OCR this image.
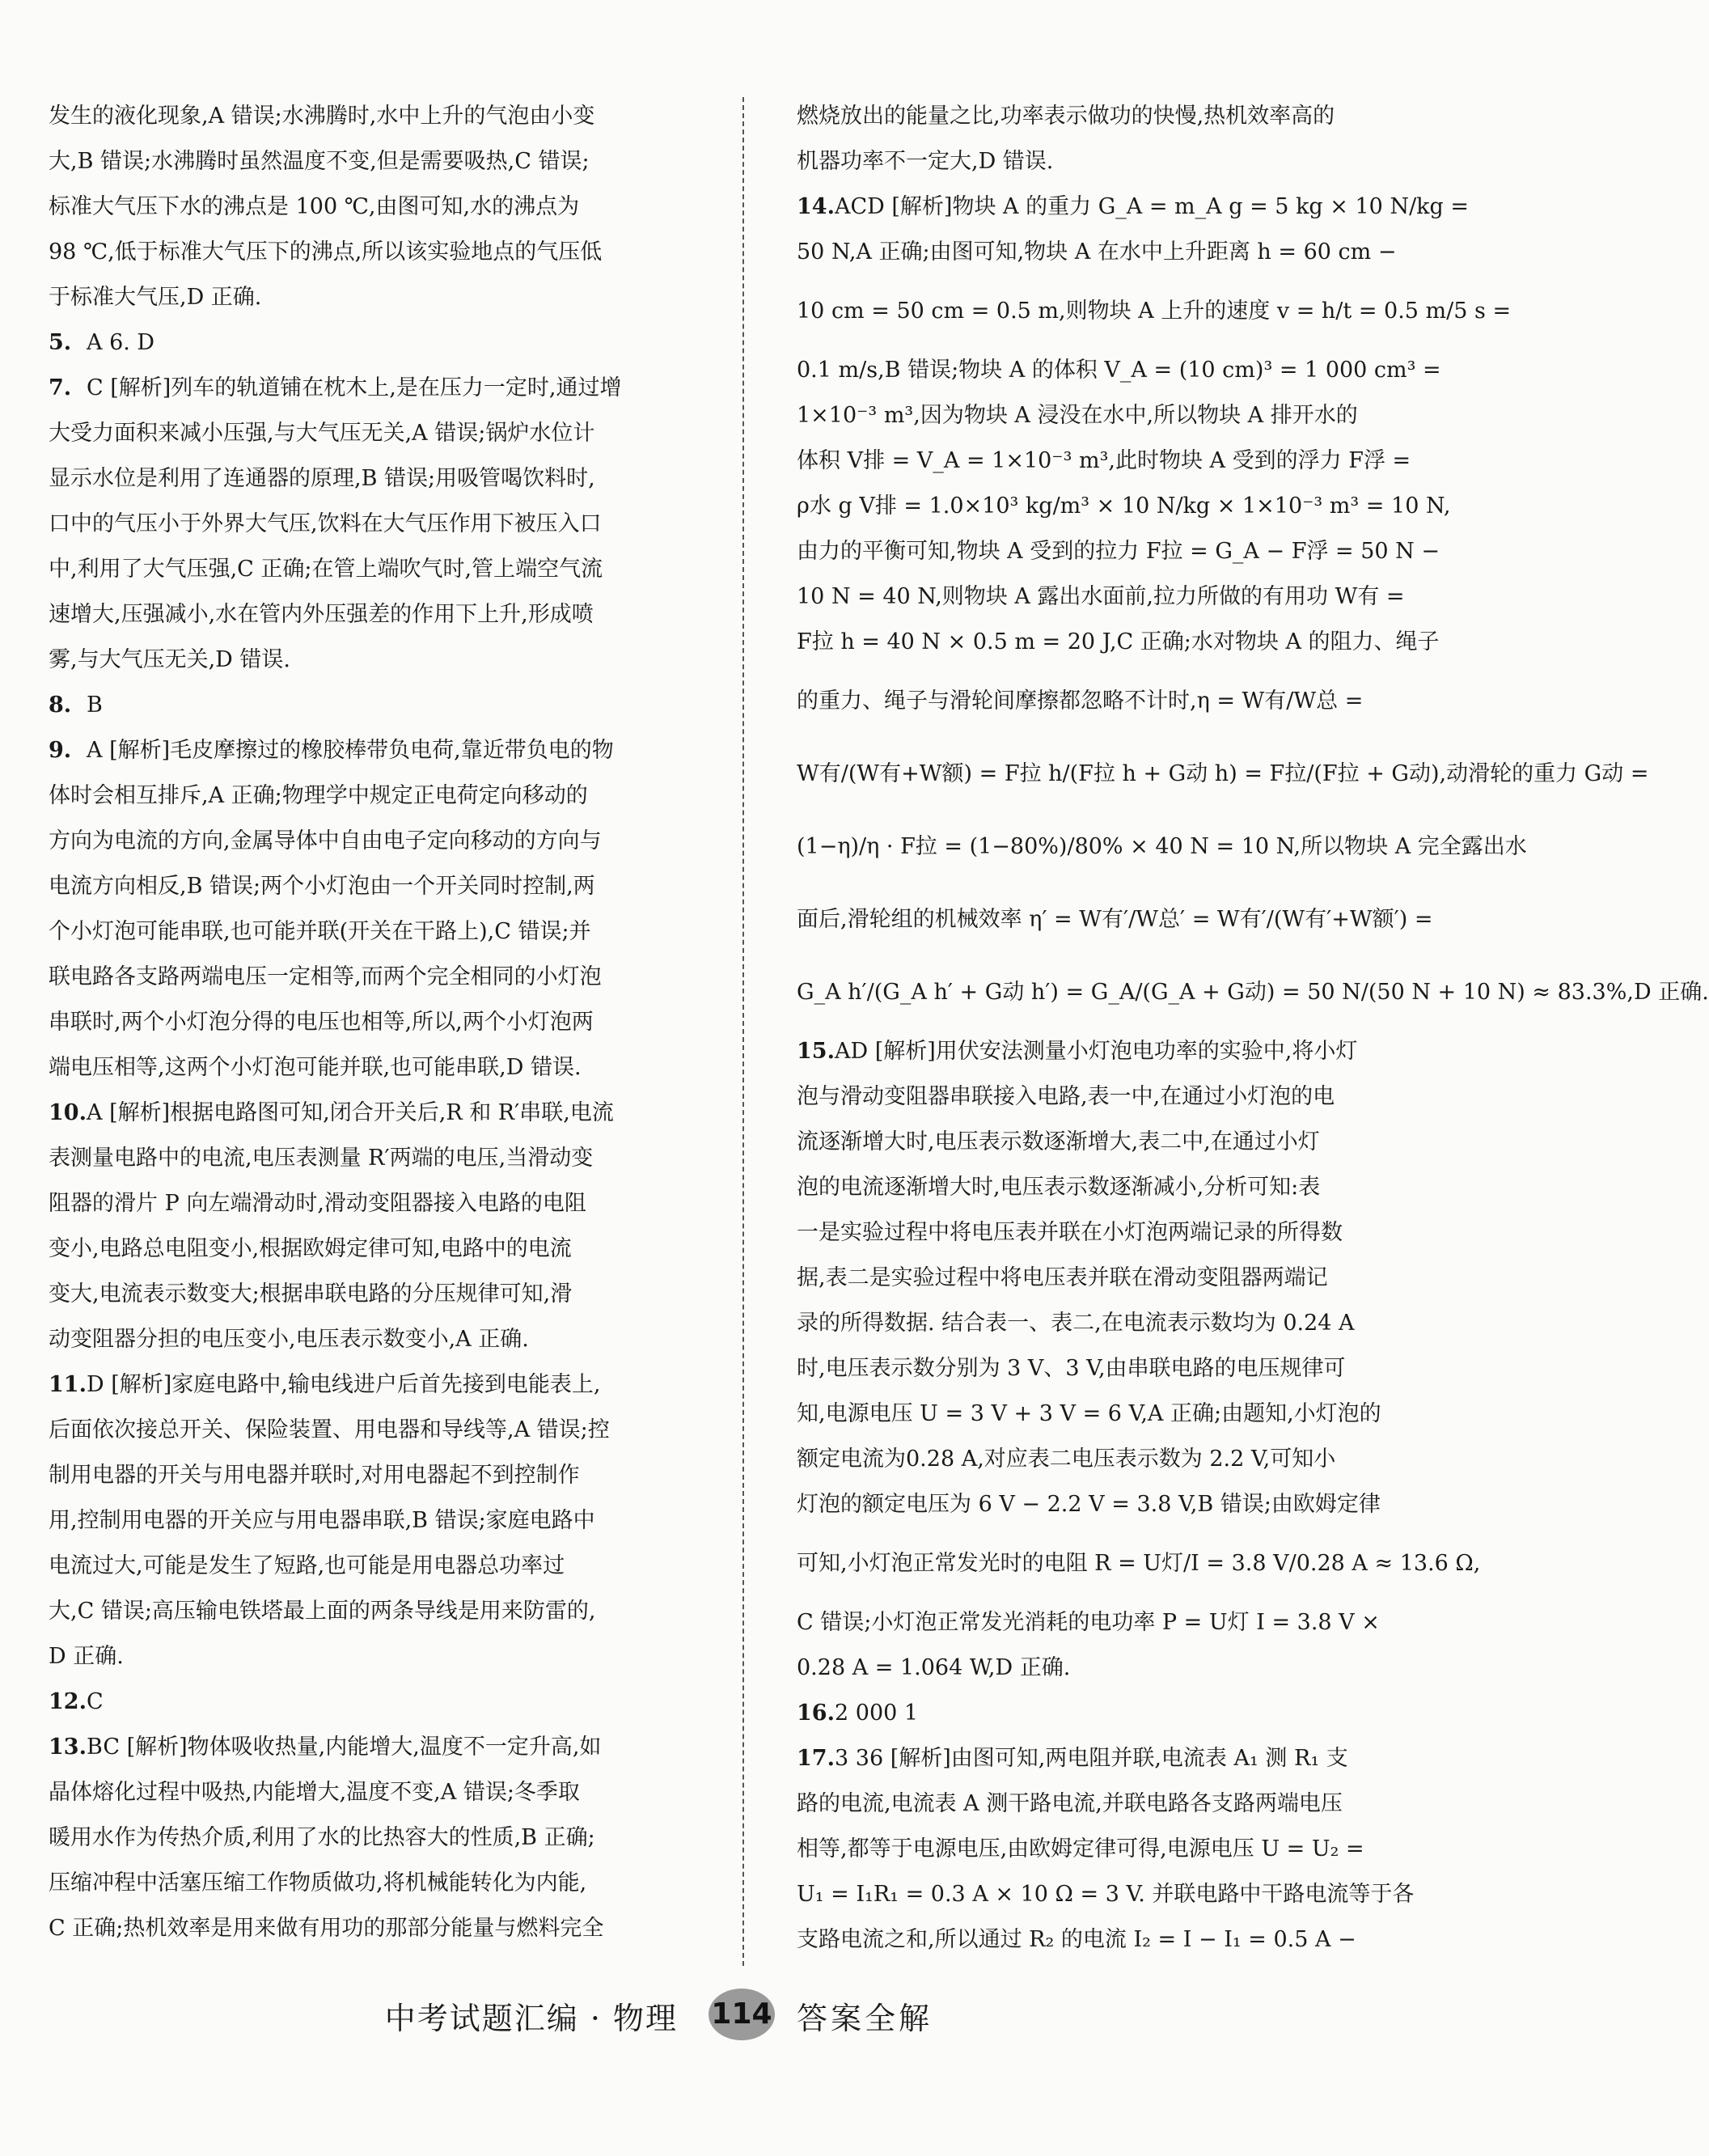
发生的液化现象,A 错误;水沸腾时,水中上升的气泡由小变
大,B 错误;水沸腾时虽然温度不变,但是需要吸热,C 错误;
标准大气压下水的沸点是 100 ℃,由图可知,水的沸点为
98 ℃,低于标准大气压下的沸点,所以该实验地点的气压低
于标准大气压,D 正确.
5. A 6. D
7. C [解析]列车的轨道铺在枕木上,是在压力一定时,通过增
大受力面积来减小压强,与大气压无关,A 错误;锅炉水位计
显示水位是利用了连通器的原理,B 错误;用吸管喝饮料时,
口中的气压小于外界大气压,饮料在大气压作用下被压入口
中,利用了大气压强,C 正确;在管上端吹气时,管上端空气流
速增大,压强减小,水在管内外压强差的作用下上升,形成喷
雾,与大气压无关,D 错误.
8. B
9. A [解析]毛皮摩擦过的橡胶棒带负电荷,靠近带负电的物
体时会相互排斥,A 正确;物理学中规定正电荷定向移动的
方向为电流的方向,金属导体中自由电子定向移动的方向与
电流方向相反,B 错误;两个小灯泡由一个开关同时控制,两
个小灯泡可能串联,也可能并联(开关在干路上),C 错误;并
联电路各支路两端电压一定相等,而两个完全相同的小灯泡
串联时,两个小灯泡分得的电压也相等,所以,两个小灯泡两
端电压相等,这两个小灯泡可能并联,也可能串联,D 错误.
10. A [解析]根据电路图可知,闭合开关后,R 和 R′串联,电流
表测量电路中的电流,电压表测量 R′两端的电压,当滑动变
阻器的滑片 P 向左端滑动时,滑动变阻器接入电路的电阻
变小,电路总电阻变小,根据欧姆定律可知,电路中的电流
变大,电流表示数变大;根据串联电路的分压规律可知,滑
动变阻器分担的电压变小,电压表示数变小,A 正确.
11. D [解析]家庭电路中,输电线进户后首先接到电能表上,
后面依次接总开关、保险装置、用电器和导线等,A 错误;控
制用电器的开关与用电器并联时,对用电器起不到控制作
用,控制用电器的开关应与用电器串联,B 错误;家庭电路中
电流过大,可能是发生了短路,也可能是用电器总功率过
大,C 错误;高压输电铁塔最上面的两条导线是用来防雷的,
D 正确.
12. C
13. BC [解析]物体吸收热量,内能增大,温度不一定升高,如
晶体熔化过程中吸热,内能增大,温度不变,A 错误;冬季取
暖用水作为传热介质,利用了水的比热容大的性质,B 正确;
压缩冲程中活塞压缩工作物质做功,将机械能转化为内能,
C 正确;热机效率是用来做有用功的那部分能量与燃料完全
燃烧放出的能量之比,功率表示做功的快慢,热机效率高的
机器功率不一定大,D 错误.
14. ACD [解析]物块 A 的重力 G_A = m_A g = 5 kg × 10 N/kg =
50 N,A 正确;由图可知,物块 A 在水中上升距离 h = 60 cm −
10 cm = 50 cm = 0.5 m,则物块 A 上升的速度 v = h/t = 0.5 m/5 s =
0.1 m/s,B 错误;物块 A 的体积 V_A = (10 cm)³ = 1 000 cm³ =
1×10⁻³ m³,因为物块 A 浸没在水中,所以物块 A 排开水的
体积 V排 = V_A = 1×10⁻³ m³,此时物块 A 受到的浮力 F浮 =
ρ水 g V排 = 1.0×10³ kg/m³ × 10 N/kg × 1×10⁻³ m³ = 10 N,
由力的平衡可知,物块 A 受到的拉力 F拉 = G_A − F浮 = 50 N −
10 N = 40 N,则物块 A 露出水面前,拉力所做的有用功 W有 =
F拉 h = 40 N × 0.5 m = 20 J,C 正确;水对物块 A 的阻力、绳子
的重力、绳子与滑轮间摩擦都忽略不计时,η = W有/W总 =
W有/(W有+W额) = F拉 h/(F拉 h + G动 h) = F拉/(F拉 + G动),动滑轮的重力 G动 =
(1−η)/η · F拉 = (1−80%)/80% × 40 N = 10 N,所以物块 A 完全露出水
面后,滑轮组的机械效率 η′ = W有′/W总′ = W有′/(W有′+W额′) =
G_A h′/(G_A h′ + G动 h′) = G_A/(G_A + G动) = 50 N/(50 N + 10 N) ≈ 83.3%,D 正确.
15. AD [解析]用伏安法测量小灯泡电功率的实验中,将小灯
泡与滑动变阻器串联接入电路,表一中,在通过小灯泡的电
流逐渐增大时,电压表示数逐渐增大,表二中,在通过小灯
泡的电流逐渐增大时,电压表示数逐渐减小,分析可知:表
一是实验过程中将电压表并联在小灯泡两端记录的所得数
据,表二是实验过程中将电压表并联在滑动变阻器两端记
录的所得数据. 结合表一、表二,在电流表示数均为 0.24 A
时,电压表示数分别为 3 V、3 V,由串联电路的电压规律可
知,电源电压 U = 3 V + 3 V = 6 V,A 正确;由题知,小灯泡的
额定电流为0.28 A,对应表二电压表示数为 2.2 V,可知小
灯泡的额定电压为 6 V − 2.2 V = 3.8 V,B 错误;由欧姆定律
可知,小灯泡正常发光时的电阻 R = U灯/I = 3.8 V/0.28 A ≈ 13.6 Ω,
C 错误;小灯泡正常发光消耗的电功率 P = U灯 I = 3.8 V ×
0.28 A = 1.064 W,D 正确.
16. 2 000 1
17. 3 36 [解析]由图可知,两电阻并联,电流表 A₁ 测 R₁ 支
路的电流,电流表 A 测干路电流,并联电路各支路两端电压
相等,都等于电源电压,由欧姆定律可得,电源电压 U = U₂ =
U₁ = I₁R₁ = 0.3 A × 10 Ω = 3 V. 并联电路中干路电流等于各
支路电流之和,所以通过 R₂ 的电流 I₂ = I − I₁ = 0.5 A −
中考试题汇编 · 物理 114 答案全解
